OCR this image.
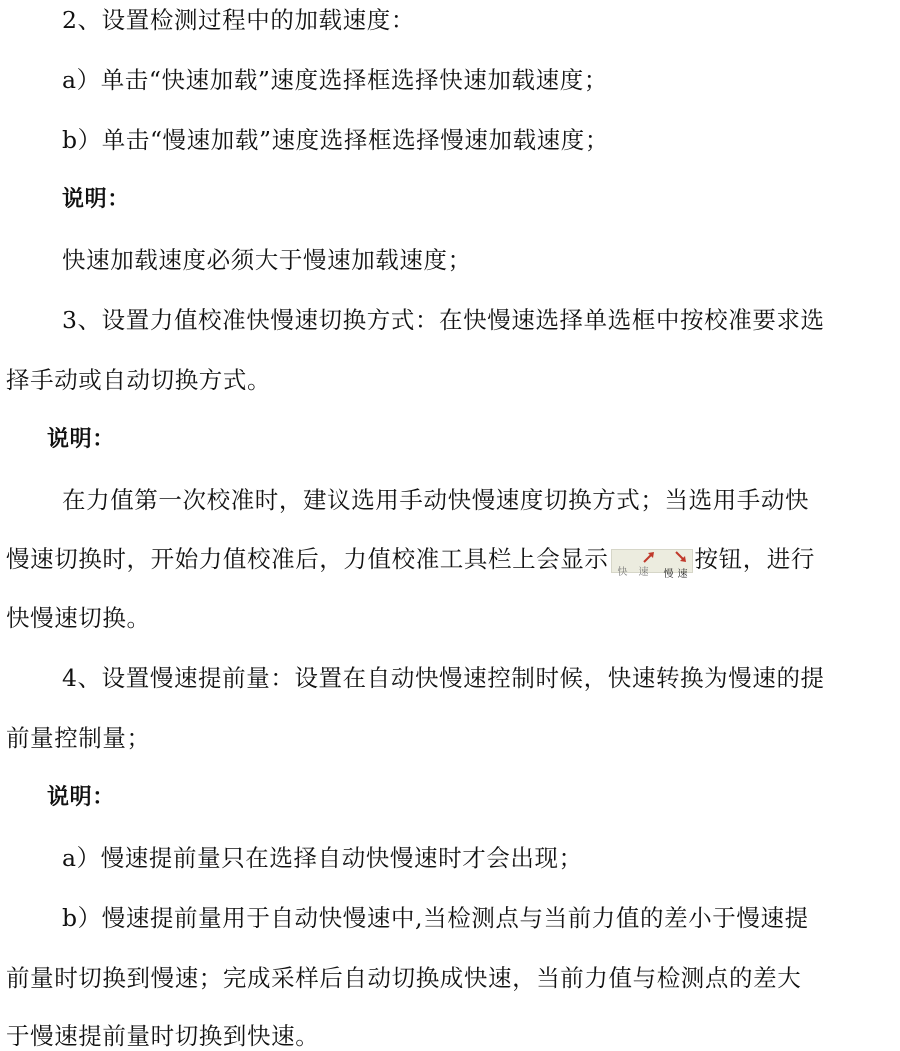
2、设置检测过程中的加载速度：
a）单击“快速加载”速度选择框选择快速加载速度；
b）单击“慢速加载”速度选择框选择慢速加载速度；
说明：
快速加载速度必须大于慢速加载速度；
3、设置力值校准快慢速切换方式：在快慢速选择单选框中按校准要求选
择手动或自动切换方式。
说明：
在力值第一次校准时，建议选用手动快慢速度切换方式；当选用手动快
慢速切换时，开始力值校准后，力值校准工具栏上会显示 快 速 慢 速
按钮，进行
快慢速切换。
4、设置慢速提前量：设置在自动快慢速控制时候，快速转换为慢速的提
前量控制量；
说明：
a）慢速提前量只在选择自动快慢速时才会出现；
b）慢速提前量用于自动快慢速中,当检测点与当前力值的差小于慢速提
前量时切换到慢速；完成采样后自动切换成快速，当前力值与检测点的差大
于慢速提前量时切换到快速。
